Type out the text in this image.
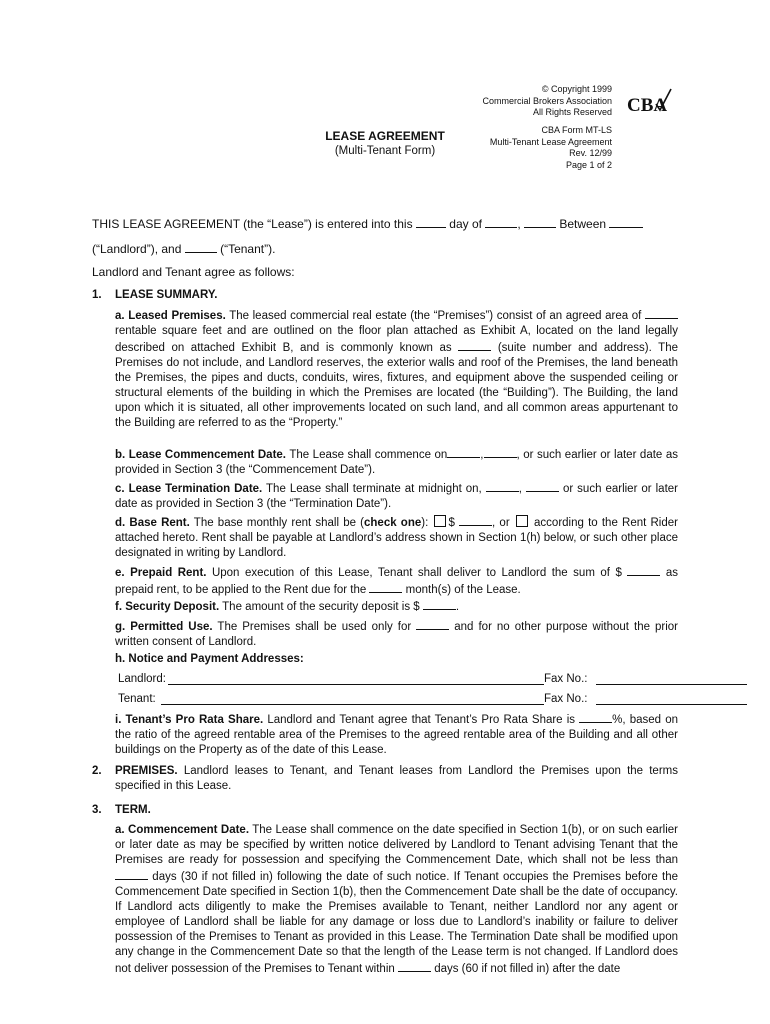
© Copyright 1999
Commercial Brokers Association
All Rights Reserved CBA
LEASE AGREEMENT
(Multi-Tenant Form)
CBA Form MT-LS
Multi-Tenant Lease Agreement
Rev. 12/99
Page 1 of 2
THIS LEASE AGREEMENT (the “Lease”) is entered into this	day of	,	Between
(“Landlord”), and	(“Tenant”).
Landlord and Tenant agree as follows:
1. LEASE SUMMARY.
a. Leased Premises. The leased commercial real estate (the “Premises”) consist of an agreed area of  rentable square feet and are outlined on the floor plan attached as Exhibit A, located on the land legally described on attached Exhibit B, and is commonly known as	(suite number and address). The Premises do not include, and Landlord reserves, the exterior walls and roof of the Premises, the land beneath the Premises, the pipes and ducts, conduits, wires, fixtures, and equipment above the suspended ceiling or structural elements of the building in which the Premises are located (the “Building”). The Building, the land upon which it is situated, all other improvements located on such land, and all common areas appurtenant to the Building are referred to as the “Property.”
b. Lease Commencement Date. The Lease shall commence on	,	, or such earlier or later date as provided in Section 3 (the “Commencement Date”).
c. Lease Termination Date. The Lease shall terminate at midnight on,	,	or such earlier or later date as provided in Section 3 (the “Termination Date”).
d. Base Rent. The base monthly rent shall be (check one): $	, or according to the Rent Rider attached hereto. Rent shall be payable at Landlord’s address shown in Section 1(h) below, or such other place designated in writing by Landlord.
e. Prepaid Rent. Upon execution of this Lease, Tenant shall deliver to Landlord the sum of $	as prepaid rent, to be applied to the Rent due for the	month(s) of the Lease.
f. Security Deposit. The amount of the security deposit is $	.
g. Permitted Use. The Premises shall be used only for	and for no other purpose without the prior written consent of Landlord.
h. Notice and Payment Addresses:
Landlord:	Fax No.:
Tenant:	Fax No.:
i. Tenant’s Pro Rata Share. Landlord and Tenant agree that Tenant’s Pro Rata Share is	%, based on the ratio of the agreed rentable area of the Premises to the agreed rentable area of the Building and all other buildings on the Property as of the date of this Lease.
2. PREMISES. Landlord leases to Tenant, and Tenant leases from Landlord the Premises upon the terms specified in this Lease.
3. TERM.
a. Commencement Date. The Lease shall commence on the date specified in Section 1(b), or on such earlier or later date as may be specified by written notice delivered by Landlord to Tenant advising Tenant that the Premises are ready for possession and specifying the Commencement Date, which shall not be less than  days (30 if not filled in) following the date of such notice. If Tenant occupies the Premises before the Commencement Date specified in Section 1(b), then the Commencement Date shall be the date of occupancy. If Landlord acts diligently to make the Premises available to Tenant, neither Landlord nor any agent or employee of Landlord shall be liable for any damage or loss due to Landlord’s inability or failure to deliver possession of the Premises to Tenant as provided in this Lease. The Termination Date shall be modified upon any change in the Commencement Date so that the length of the Lease term is not changed. If Landlord does not deliver possession of the Premises to Tenant within	days (60 if not filled in) after the date
